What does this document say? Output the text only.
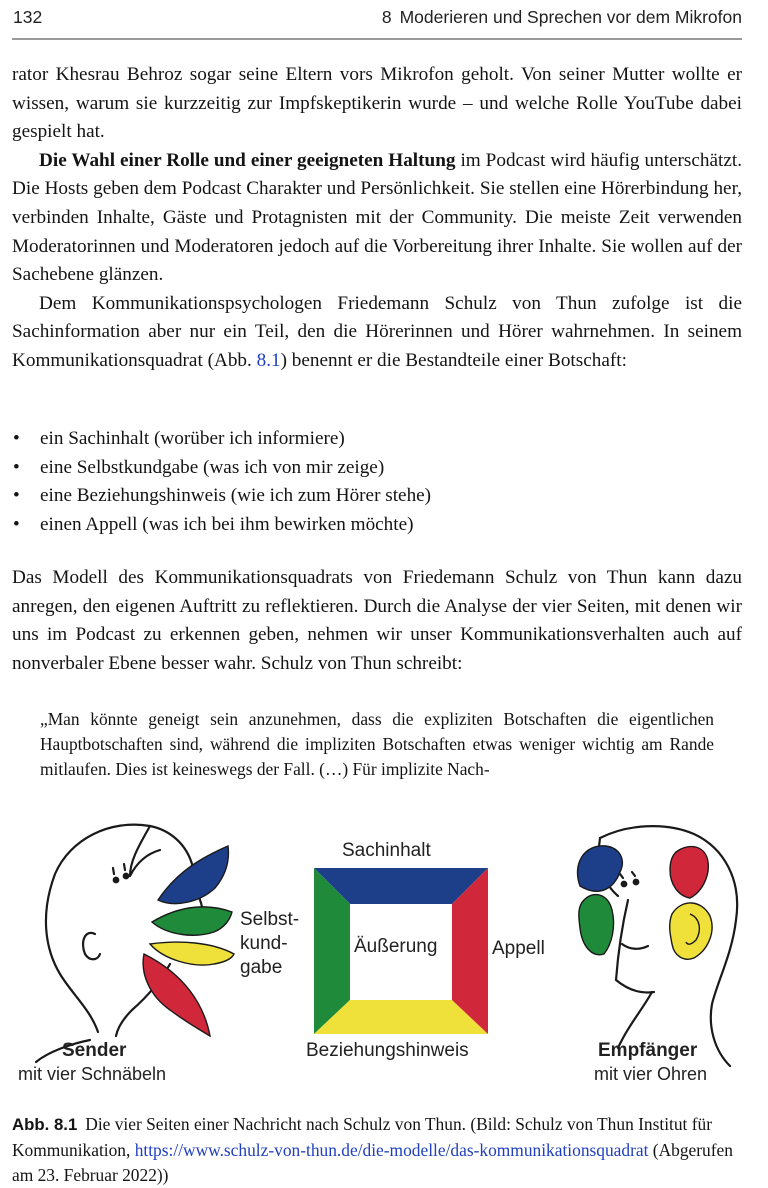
132	8 Moderieren und Sprechen vor dem Mikrofon

rator Khesrau Behroz sogar seine Eltern vors Mikrofon geholt. Von seiner Mutter wollte er wissen, warum sie kurzzeitig zur Impfskeptikerin wurde – und welche Rolle YouTube dabei gespielt hat.

Die Wahl einer Rolle und einer geeigneten Haltung im Podcast wird häufig unterschätzt. Die Hosts geben dem Podcast Charakter und Persönlichkeit. Sie stellen eine Hörerbindung her, verbinden Inhalte, Gäste und Protagnisten mit der Community. Die meiste Zeit verwenden Moderatorinnen und Moderatoren jedoch auf die Vorbereitung ihrer Inhalte. Sie wollen auf der Sachebene glänzen.

Dem Kommunikationspsychologen Friedemann Schulz von Thun zufolge ist die Sachinformation aber nur ein Teil, den die Hörerinnen und Hörer wahrnehmen. In seinem Kommunikationsquadrat (Abb. 8.1) benennt er die Bestandteile einer Botschaft:

• ein Sachinhalt (worüber ich informiere)
• eine Selbstkundgabe (was ich von mir zeige)
• eine Beziehungshinweis (wie ich zum Hörer stehe)
• einen Appell (was ich bei ihm bewirken möchte)

Das Modell des Kommunikationsquadrats von Friedemann Schulz von Thun kann dazu anregen, den eigenen Auftritt zu reflektieren. Durch die Analyse der vier Seiten, mit denen wir uns im Podcast zu erkennen geben, nehmen wir unser Kommunikationsverhalten auch auf nonverbaler Ebene besser wahr. Schulz von Thun schreibt:

„Man könnte geneigt sein anzunehmen, dass die expliziten Botschaften die eigentlichen Hauptbotschaften sind, während die impliziten Botschaften etwas weniger wichtig am Rande mitlaufen. Dies ist keineswegs der Fall. (…) Für implizite Nach-
Sachinhalt
Äußerung	Appell
Beziehungshinweis
Selbst-
kund-
gabe
Sender
mit vier Schnäbeln
Empfänger
mit vier Ohren
Abb. 8.1 Die vier Seiten einer Nachricht nach Schulz von Thun. (Bild: Schulz von Thun Institut für Kommunikation, https://www.schulz-von-thun.de/die-modelle/das-kommunikationsquadrat (Abgerufen am 23. Februar 2022))
